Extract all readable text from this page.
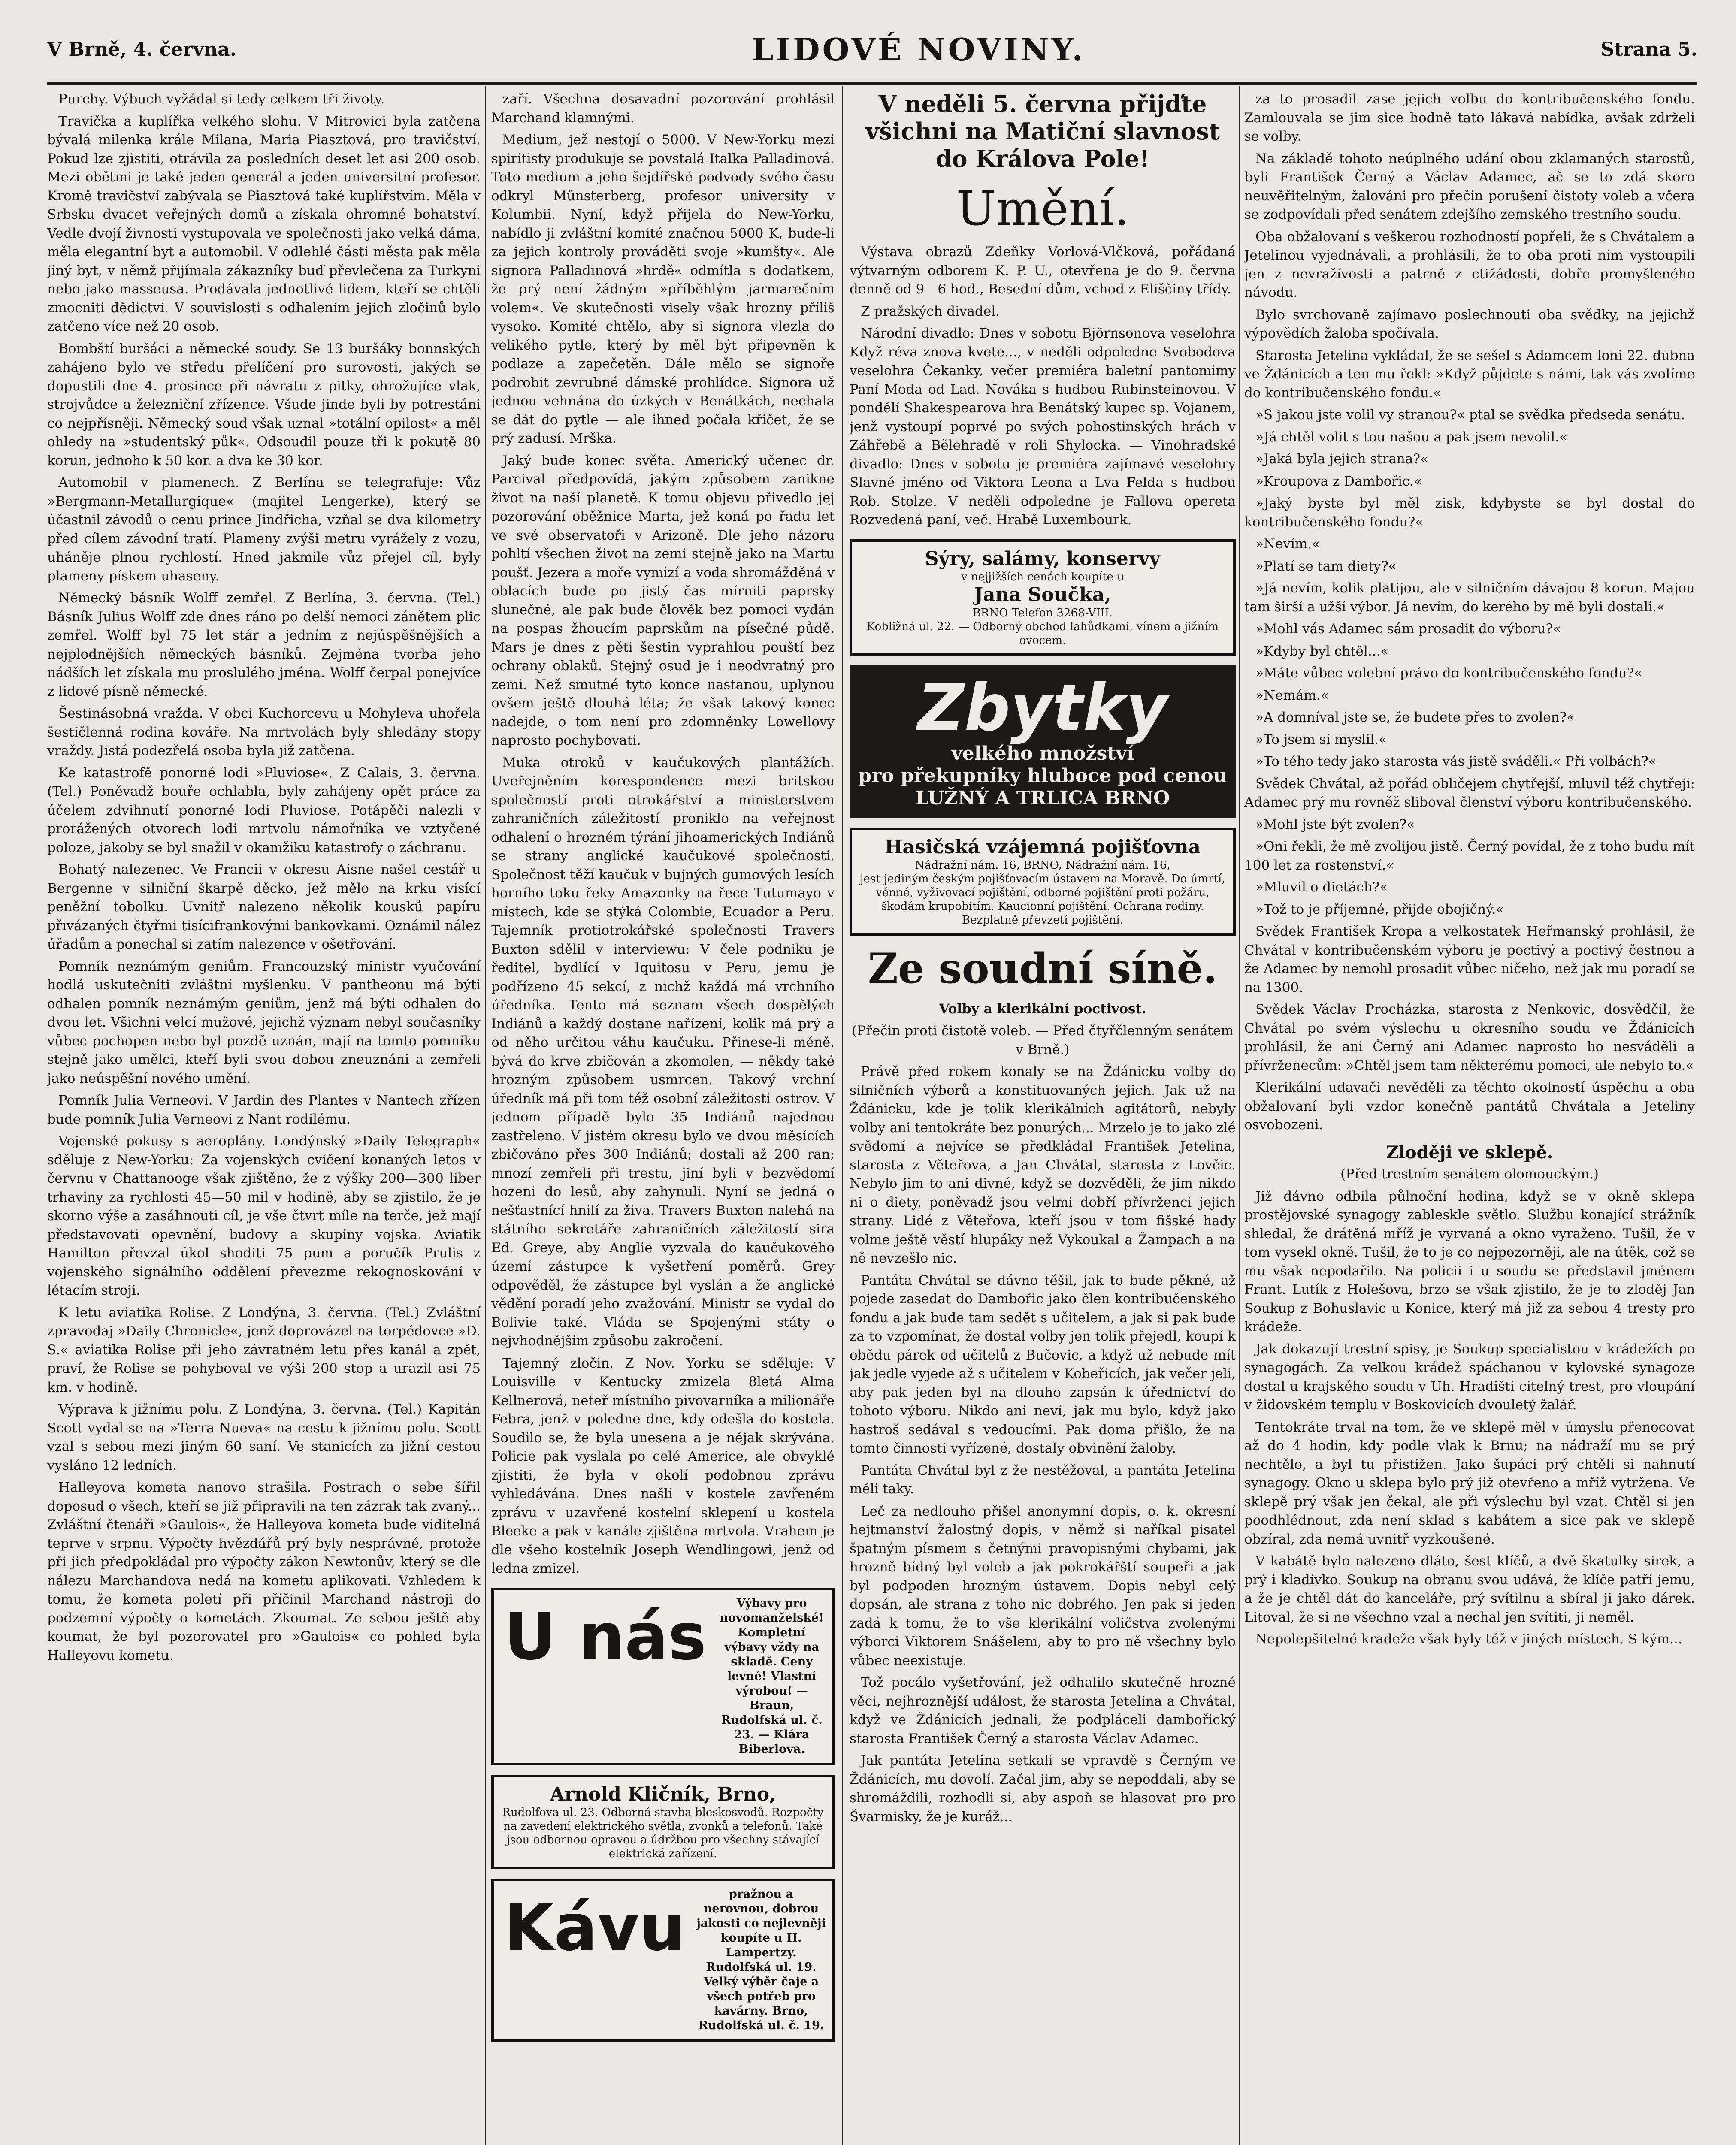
V Brně, 4. června.	LIDOVÉ NOVINY.	Strana 5.

Purchy. Výbuch vyžádal si tedy celkem tři životy.

Travička a kuplířka velkého slohu. V Mitrovici byla zatčena bývalá milenka krále Milana, Maria Piasztová, pro travičství. Pokud lze zjistiti, otrávila za posledních deset let asi 200 osob. Mezi obětmi je také jeden generál a jeden universitní profesor. Kromě travičství zabývala se Piasztová také kuplířstvím. Měla v Srbsku dvacet veřejných domů a získala ohromné bohatství. Vedle dvojí živnosti vystupovala ve společnosti jako velká dáma, měla elegantní byt a automobil. V odlehlé části města pak měla jiný byt, v němž přijímala zákazníky buď převlečena za Turkyni nebo jako masseusa. Prodávala jednotlivé lidem, kteří se chtěli zmocniti dědictví. V souvislosti s odhalením jejích zločinů bylo zatčeno více než 20 osob.

Bombští buršáci a německé soudy. Se 13 buršáky bonnských zahájeno bylo ve středu přelíčení pro surovosti, jakých se dopustili dne 4. prosince při návratu z pitky, ohrožujíce vlak, strojvůdce a železniční zřízence. Všude jinde byli by potrestáni co nejpřísněji. Německý soud však uznal »totální opilost« a měl ohledy na »studentský půk«. Odsoudil pouze tři k pokutě 80 korun, jednoho k 50 kor. a dva ke 30 kor.

Automobil v plamenech. Z Berlína se telegrafuje: Vůz »Bergmann-Metallurgique« (majitel Lengerke), který se účastnil závodů o cenu prince Jindřicha, vzňal se dva kilometry před cílem závodní tratí. Plameny zvýši metru vyrážely z vozu, uháněje plnou rychlostí. Hned jakmile vůz přejel cíl, byly plameny pískem uhaseny.

Německý básník Wolff zemřel. Z Berlína, 3. června. (Tel.) Básník Julius Wolff zde dnes ráno po delší nemoci zánětem plic zemřel. Wolff byl 75 let stár a jedním z nejúspěšnějších a nejplodnějších německých básníků. Zejména tvorba jeho nádších let získala mu proslulého jména. Wolff čerpal ponejvíce z lidové písně německé.

Šestinásobná vražda. V obci Kuchorcevu u Mohyleva uhořela šestičlenná rodina kováře. Na mrtvolách byly shledány stopy vraždy. Jistá podezřelá osoba byla již zatčena.

Ke katastrofě ponorné lodi »Pluviose«. Z Calais, 3. června. (Tel.) Poněvadž bouře ochlabla, byly zahájeny opět práce za účelem zdvihnutí ponorné lodi Pluviose. Potápěči nalezli v prorážených otvorech lodi mrtvolu námořníka ve vztyčené poloze, jakoby se byl snažil v okamžiku katastrofy o záchranu.

Bohatý nalezenec. Ve Francii v okresu Aisne našel cestář u Bergenne v silniční škarpě děcko, jež mělo na krku visící peněžní tobolku. Uvnitř nalezeno několik kousků papíru přivázaných čtyřmi tisícifrankovými bankovkami. Oznámil nález úřadům a ponechal si zatím nalezence v ošetřování.

Pomník neznámým geniům. Francouzský ministr vyučování hodlá uskutečniti zvláštní myšlenku. V pantheonu má býti odhalen pomník neznámým geniům, jenž má býti odhalen do dvou let. Všichni velcí mužové, jejichž význam nebyl současníky vůbec pochopen nebo byl pozdě uznán, mají na tomto pomníku stejně jako umělci, kteří byli svou dobou zneuznáni a zemřeli jako neúspěšní nového umění.

Pomník Julia Verneovi. V Jardin des Plantes v Nantech zřízen bude pomník Julia Verneovi z Nant rodilému.

Vojenské pokusy s aeroplány. Londýnský »Daily Telegraph« sděluje z New-Yorku: Za vojenských cvičení konaných letos v červnu v Chattanooge však zjištěno, že z výšky 200—300 liber trhaviny za rychlosti 45—50 mil v hodině, aby se zjistilo, že je skorno výše a zasáhnouti cíl, je vše čtvrt míle na terče, jež mají představovati opevnění, budovy a skupiny vojska. Aviatik Hamilton převzal úkol shoditi 75 pum a poručík Prulis z vojenského signálního oddělení převezme rekognoskování v létacím stroji.

K letu aviatika Rolise. Z Londýna, 3. června. (Tel.) Zvláštní zpravodaj »Daily Chronicle«, jenž doprovázel na torpédovce »D. S.« aviatika Rolise při jeho závratném letu přes kanál a zpět, praví, že Rolise se pohyboval ve výši 200 stop a urazil asi 75 km. v hodině.

Výprava k jižnímu polu. Z Londýna, 3. června. (Tel.) Kapitán Scott vydal se na »Terra Nueva« na cestu k jižnímu polu. Scott vzal s sebou mezi jiným 60 saní. Ve stanicích za jižní cestou vysláno 12 ledních.

Halleyova kometa nanovo strašila. Postrach o sebe šířil doposud o všech, kteří se již připravili na ten zázrak tak zvaný... Zvláštní čtenáři »Gaulois«, že Halleyova kometa bude viditelná teprve v srpnu. Výpočty hvězdářů prý byly nesprávné, protože při jich předpokládal pro výpočty zákon Newtonův, který se dle nálezu Marchandova nedá na kometu aplikovati. Vzhledem k tomu, že kometa poletí při příčinil Marchand nástroji do podzemní výpočty o kometách. Zkoumat. Ze sebou ještě aby koumat, že byl pozorovatel pro »Gaulois« co pohled byla Halleyovu kometu.

zaří. Všechna dosavadní pozorování prohlásil Marchand klamnými.

Medium, jež nestojí o 5000. V New-Yorku mezi spiritisty produkuje se povstalá Italka Palladinová. Toto medium a jeho šejdířské podvody svého času odkryl Münsterberg, profesor university v Kolumbii. Nyní, když přijela do New-Yorku, nabídlo ji zvláštní komité značnou 5000 K, bude-li za jejich kontroly prováděti svoje »kumšty«. Ale signora Palladinová »hrdě« odmítla s dodatkem, že prý není žádným »příběhlým jarmarečním volem«. Ve skutečnosti visely však hrozny příliš vysoko. Komité chtělo, aby si signora vlezla do velikého pytle, který by měl být připevněn k podlaze a zapečetěn. Dále mělo se signoře podrobit zevrubné dámské prohlídce. Signora už jednou vehnána do úzkých v Benátkách, nechala se dát do pytle — ale ihned počala křičet, že se prý zadusí. Mrška.

Jaký bude konec světa. Americký učenec dr. Parcival předpovídá, jakým způsobem zanikne život na naší planetě. K tomu objevu přivedlo jej pozorování oběžnice Marta, jež koná po řadu let ve své observatoři v Arizoně. Dle jeho názoru pohltí všechen život na zemi stejně jako na Martu poušť. Jezera a moře vymizí a voda shromážděná v oblacích bude po jistý čas mírniti paprsky slunečné, ale pak bude člověk bez pomoci vydán na pospas žhoucím paprskům na písečné půdě. Mars je dnes z pěti šestin vyprahlou pouští bez ochrany oblaků. Stejný osud je i neodvratný pro zemi. Než smutné tyto konce nastanou, uplynou ovšem ještě dlouhá léta; že však takový konec nadejde, o tom není pro zdomněnky Lowellovy naprosto pochybovati.

Muka otroků v kaučukových plantážích. Uveřejněním korespondence mezi britskou společností proti otrokářství a ministerstvem zahraničních záležitostí proniklo na veřejnost odhalení o hrozném týrání jihoamerických Indiánů se strany anglické kaučukové společnosti. Společnost těží kaučuk v bujných gumových lesích horního toku řeky Amazonky na řece Tutumayo v místech, kde se stýká Colombie, Ecuador a Peru. Tajemník protiotrokářské společnosti Travers Buxton sdělil v interviewu: V čele podniku je ředitel, bydlící v Iquitosu v Peru, jemu je podřízeno 45 sekcí, z nichž každá má vrchního úředníka. Tento má seznam všech dospělých Indiánů a každý dostane nařízení, kolik má prý a od něho určitou váhu kaučuku. Přinese-li méně, bývá do krve zbičován a zkomolen, — někdy také hrozným způsobem usmrcen. Takový vrchní úředník má při tom též osobní záležitosti ostrov. V jednom případě bylo 35 Indiánů najednou zastřeleno. V jistém okresu bylo ve dvou měsících zbičováno přes 300 Indiánů; dostali až 200 ran; mnozí zemřeli při trestu, jiní byli v bezvědomí hozeni do lesů, aby zahynuli. Nyní se jedná o nešťastnící hnilí za živa. Travers Buxton nalehá na státního sekretáře zahraničních záležitostí sira Ed. Greye, aby Anglie vyzvala do kaučukového území zástupce k vyšetření poměrů. Grey odpověděl, že zástupce byl vyslán a že anglické vědění poradí jeho zvažování. Ministr se vydal do Bolivie také. Vláda se Spojenými státy o nejvhodnějším způsobu zakročení.

Tajemný zločin. Z Nov. Yorku se sděluje: V Louisville v Kentucky zmizela 8letá Alma Kellnerová, neteř místního pivovarníka a milionáře Febra, jenž v poledne dne, kdy odešla do kostela. Soudilo se, že byla unesena a je nějak skrývána. Policie pak vyslala po celé Americe, ale obvyklé zjistiti, že byla v okolí podobnou zprávu vyhledávána. Dnes našli v kostele zavřeném zprávu v uzavřené kostelní sklepení u kostela Bleeke a pak v kanále zjištěna mrtvola. Vrahem je dle všeho kostelník Joseph Wendlingowi, jenž od ledna zmizel.

U nás	Výbavy pro novomanželské! Kompletní výbavy vždy na skladě. Ceny levné! Vlastní výrobou! — Braun, Rudolfská ul. č. 23. — Klára Biberlova.
Arnold Kličník, Brno,
Rudolfova ul. 23. Odborná stavba bleskosvodů. Rozpočty na zavedení elektrického světla, zvonků a telefonů. Také jsou odbornou opravou a údržbou pro všechny stávající elektrická zařízení.
Kávu	pražnou a nerovnou, dobrou jakosti co nejlevněji koupíte u H. Lampertzy. Rudolfská ul. 19. Velký výběr čaje a všech potřeb pro kavárny. Brno, Rudolfská ul. č. 19.
V neděli 5. června přijďte všichni na Matiční slavnost do Králova Pole!
Umění.

Výstava obrazů Zdeňky Vorlová-Vlčková, pořádaná výtvarným odborem K. P. U., otevřena je do 9. června denně od 9—6 hod., Besední dům, vchod z Eliščiny třídy.

Z pražských divadel.

Národní divadlo: Dnes v sobotu Björnsonova veselohra Když réva znova kvete..., v neděli odpoledne Svobodova veselohra Čekanky, večer premiéra baletní pantomimy Paní Moda od Lad. Nováka s hudbou Rubinsteinovou. V pondělí Shakespearova hra Benátský kupec sp. Vojanem, jenž vystoupí poprvé po svých pohostinských hrách v Záhřebě a Bělehradě v roli Shylocka. — Vinohradské divadlo: Dnes v sobotu je premiéra zajímavé veselohry Slavné jméno od Viktora Leona a Lva Felda s hudbou Rob. Stolze. V neděli odpoledne je Fallova opereta Rozvedená paní, več. Hrabě Luxembourk.

Sýry, salámy, konservy
v nejjižších cenách koupíte u
Jana Součka,
BRNO Telefon 3268-VIII.
Kobližná ul. 22. — Odborný obchod lahůdkami, vínem a jižním ovocem.
Zbytky
velkého množství
pro překupníky hluboce pod cenou
LUŽNÝ A TRLICA BRNO
Hasičská vzájemná pojišťovna
Nádražní nám. 16, BRNO, Nádražní nám. 16,
jest jediným českým pojišťovacím ústavem na Moravě. Do úmrtí, věnné, vyživovací pojištění, odborné pojištění proti požáru, škodám krupobitím. Kaucionní pojištění. Ochrana rodiny. Bezplatně převzetí pojištění.
Ze soudní síně.

Volby a klerikální poctivost.

(Přečin proti čistotě voleb. — Před čtyřčlenným senátem v Brně.)

Právě před rokem konaly se na Ždánicku volby do silničních výborů a konstituovaných jejich. Jak už na Ždánicku, kde je tolik klerikálních agitátorů, nebyly volby ani tentokráte bez ponurých... Mrzelo je to jako zlé svědomí a nejvíce se předkládal František Jetelina, starosta z Věteřova, a Jan Chvátal, starosta z Lovčic. Nebylo jim to ani divné, když se dozvěděli, že jim nikdo ni o diety, poněvadž jsou velmi dobří přívrženci jejich strany. Lidé z Věteřova, kteří jsou v tom fišské hady volme ještě věstí hlupáky než Vykoukal a Žampach a na ně nevzešlo nic.

Pantáta Chvátal se dávno těšil, jak to bude pěkné, až pojede zasedat do Dambořic jako člen kontribučenského fondu a jak bude tam sedět s učitelem, a jak si pak bude za to vzpomínat, že dostal volby jen tolik přejedl, koupí k obědu párek od učitelů z Bučovic, a když už nebude mít jak jedle vyjede až s učitelem v Kobeřicích, jak večer jeli, aby pak jeden byl na dlouho zapsán k úřednictví do tohoto výboru. Nikdo ani neví, jak mu bylo, když jako hastroš sedával s vedoucími. Pak doma přišlo, že na tomto činnosti vyřízené, dostaly obvinění žaloby.

Pantáta Chvátal byl z že nestěžoval, a pantáta Jetelina měli taky.

Leč za nedlouho přišel anonymní dopis, o. k. okresní hejtmanství žalostný dopis, v němž si naříkal pisatel špatným písmem s četnými pravopisnými chybami, jak hrozně bídný byl voleb a jak pokrokářští soupeři a jak byl podpoden hrozným ústavem. Dopis nebyl celý dopsán, ale strana z toho nic dobrého. Jen pak si jeden zadá k tomu, že to vše klerikální voličstva zvolenými výborci Viktorem Snášelem, aby to pro ně všechny bylo vůbec neexistuje.

Tož pocálo vyšetřování, jež odhalilo skutečně hrozné věci, nejhroznější událost, že starosta Jetelina a Chvátal, když ve Ždánicích jednali, že podpláceli dambořický starosta František Černý a starosta Václav Adamec.

Jak pantáta Jetelina setkali se vpravdě s Černým ve Ždánicích, mu dovolí. Začal jim, aby se nepoddali, aby se shromáždili, rozhodli si, aby aspoň se hlasovat pro pro Švarmisky, že je kuráž...

za to prosadil zase jejich volbu do kontribučenského fondu. Zamlouvala se jim sice hodně tato lákavá nabídka, avšak zdrželi se volby.

Na základě tohoto neúplného udání obou zklamaných starostů, byli František Černý a Václav Adamec, ač se to zdá skoro neuvěřitelným, žalováni pro přečin porušení čistoty voleb a včera se zodpovídali před senátem zdejšího zemského trestního soudu.

Oba obžalovaní s veškerou rozhodností popřeli, že s Chvátalem a Jetelinou vyjednávali, a prohlásili, že to oba proti nim vystoupili jen z nevražívosti a patrně z ctižádosti, dobře promyšleného návodu.

Bylo svrchovaně zajímavo poslechnouti oba svědky, na jejichž výpovědích žaloba spočívala.

Starosta Jetelina vykládal, že se sešel s Adamcem loni 22. dubna ve Ždánicích a ten mu řekl: »Když půjdete s námi, tak vás zvolíme do kontribučenského fondu.«

»S jakou jste volil vy stranou?« ptal se svědka předseda senátu.

»Já chtěl volit s tou našou a pak jsem nevolil.«

»Jaká byla jejich strana?«

»Kroupova z Dambořic.«

»Jaký byste byl měl zisk, kdybyste se byl dostal do kontribučenského fondu?«

»Nevím.«

»Platí se tam diety?«

»Já nevím, kolik platijou, ale v silničním dávajou 8 korun. Majou tam širší a užší výbor. Já nevím, do kerého by mě byli dostali.«

»Mohl vás Adamec sám prosadit do výboru?«

»Kdyby byl chtěl...«

»Máte vůbec volební právo do kontribučenského fondu?«

»Nemám.«

»A domníval jste se, že budete přes to zvolen?«

»To jsem si myslil.«

»To tého tedy jako starosta vás jistě sváděli.« Při volbách?«

Svědek Chvátal, až pořád obličejem chytřejší, mluvil též chytřeji: Adamec prý mu rovněž sliboval členství výboru kontribučenského.

»Mohl jste být zvolen?«

»Oni řekli, že mě zvolijou jistě. Černý povídal, že z toho budu mít 100 let za rostenství.«

»Mluvil o dietách?«

»Tož to je příjemné, přijde obojičný.«

Svědek František Kropa a velkostatek Heřmanský prohlásil, že Chvátal v kontribučenském výboru je poctivý a poctivý čestnou a že Adamec by nemohl prosadit vůbec ničeho, než jak mu poradí se na 1300.

Svědek Václav Procházka, starosta z Nenkovic, dosvědčil, že Chvátal po svém výslechu u okresního soudu ve Ždánicích prohlásil, že ani Černý ani Adamec naprosto ho nesváděli a přívrženecům: »Chtěl jsem tam některému pomoci, ale nebylo to.«

Klerikální udavači nevěděli za těchto okolností úspěchu a oba obžalovaní byli vzdor konečně pantátů Chvátala a Jeteliny osvobozeni.

Zloději ve sklepě.

(Před trestním senátem olomouckým.)

Již dávno odbila půlnoční hodina, když se v okně sklepa prostějovské synagogy zableskle světlo. Službu konající strážník shledal, že drátěná mříž je vyrvaná a okno vyraženo. Tušil, že v tom vysekl okně. Tušil, že to je co nejpozorněji, ale na útěk, což se mu však nepodařilo. Na policii i u soudu se představil jménem Frant. Lutík z Holešova, brzo se však zjistilo, že je to zloděj Jan Soukup z Bohuslavic u Konice, který má již za sebou 4 tresty pro krádeže.

Jak dokazují trestní spisy, je Soukup specialistou v krádežích po synagogách. Za velkou krádež spáchanou v kylovské synagoze dostal u krajského soudu v Uh. Hradišti citelný trest, pro vloupání v židovském templu v Boskovicích dvouletý žalář.

Tentokráte trval na tom, že ve sklepě měl v úmyslu přenocovat až do 4 hodin, kdy podle vlak k Brnu; na nádraží mu se prý nechtělo, a byl tu přistižen. Jako šupáci prý chtěli si nahnutí synagogy. Okno u sklepa bylo prý již otevřeno a mříž vytržena. Ve sklepě prý však jen čekal, ale při výslechu byl vzat. Chtěl si jen poodhlédnout, zda není sklad s kabátem a sice pak ve sklepě obzíral, zda nemá uvnitř vyzkoušené.

V kabátě bylo nalezeno dláto, šest klíčů, a dvě škatulky sirek, a prý i kladívko. Soukup na obranu svou udává, že klíče patří jemu, a že je chtěl dát do kanceláře, prý svítilnu a sbíral ji jako dárek. Litoval, že si ne všechno vzal a nechal jen svítiti, ji neměl.

Nepolepšitelné kradeže však byly též v jiných místech. S kým...
